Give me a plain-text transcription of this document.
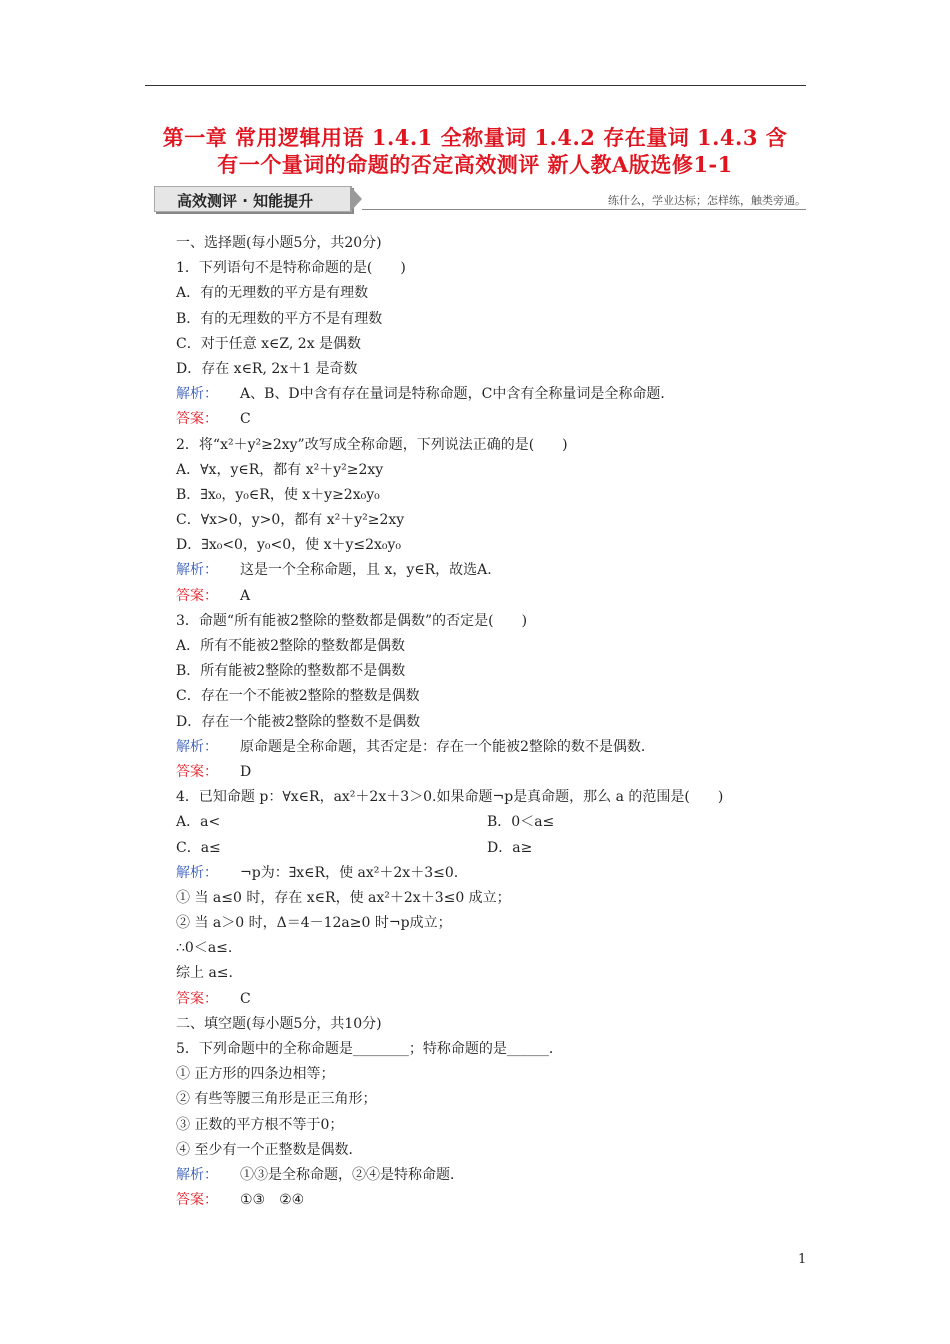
第一章 常用逻辑用语 1.4.1 全称量词 1.4.2 存在量词 1.4.3 含
有一个量词的命题的否定高效测评 新人教A版选修1-1
高效测评 · 知能提升	练什么，学业达标；怎样练，触类旁通。
一、选择题(每小题5分，共20分)
1．下列语句不是特称命题的是(　　)
A．有的无理数的平方是有理数
B．有的无理数的平方不是有理数
C．对于任意 x∈Z, 2x 是偶数
D．存在 x∈R, 2x＋1 是奇数
解析： A、B、D中含有存在量词是特称命题，C中含有全称量词是全称命题．
答案： C
2．将“x²＋y²≥2xy”改写成全称命题，下列说法正确的是(　　)
A．∀x，y∈R，都有 x²＋y²≥2xy
B．∃x₀，y₀∈R，使 x＋y≥2x₀y₀
C．∀x>0，y>0，都有 x²＋y²≥2xy
D．∃x₀<0，y₀<0，使 x＋y≤2x₀y₀
解析： 这是一个全称命题，且 x，y∈R，故选A.
答案： A
3．命题“所有能被2整除的整数都是偶数”的否定是(　　)
A．所有不能被2整除的整数都是偶数
B．所有能被2整除的整数都不是偶数
C．存在一个不能被2整除的整数是偶数
D．存在一个能被2整除的整数不是偶数
解析： 原命题是全称命题，其否定是：存在一个能被2整除的数不是偶数．
答案： D
4．已知命题 p：∀x∈R，ax²＋2x＋3＞0.如果命题¬p是真命题，那么 a 的范围是(　　)
A．a<	B．0＜a≤
C．a≤	D．a≥
解析： ¬p为：∃x∈R，使 ax²＋2x＋3≤0.
① 当 a≤0 时，存在 x∈R，使 ax²＋2x＋3≤0 成立；
② 当 a＞0 时，Δ＝4－12a≥0 时¬p成立；
∴0＜a≤.
综上 a≤.
答案： C
二、填空题(每小题5分，共10分)
5．下列命题中的全称命题是________；特称命题的是______．
① 正方形的四条边相等；
② 有些等腰三角形是正三角形；
③ 正数的平方根不等于0；
④ 至少有一个正整数是偶数．
解析： ①③是全称命题，②④是特称命题．
答案： ①③　②④
1
